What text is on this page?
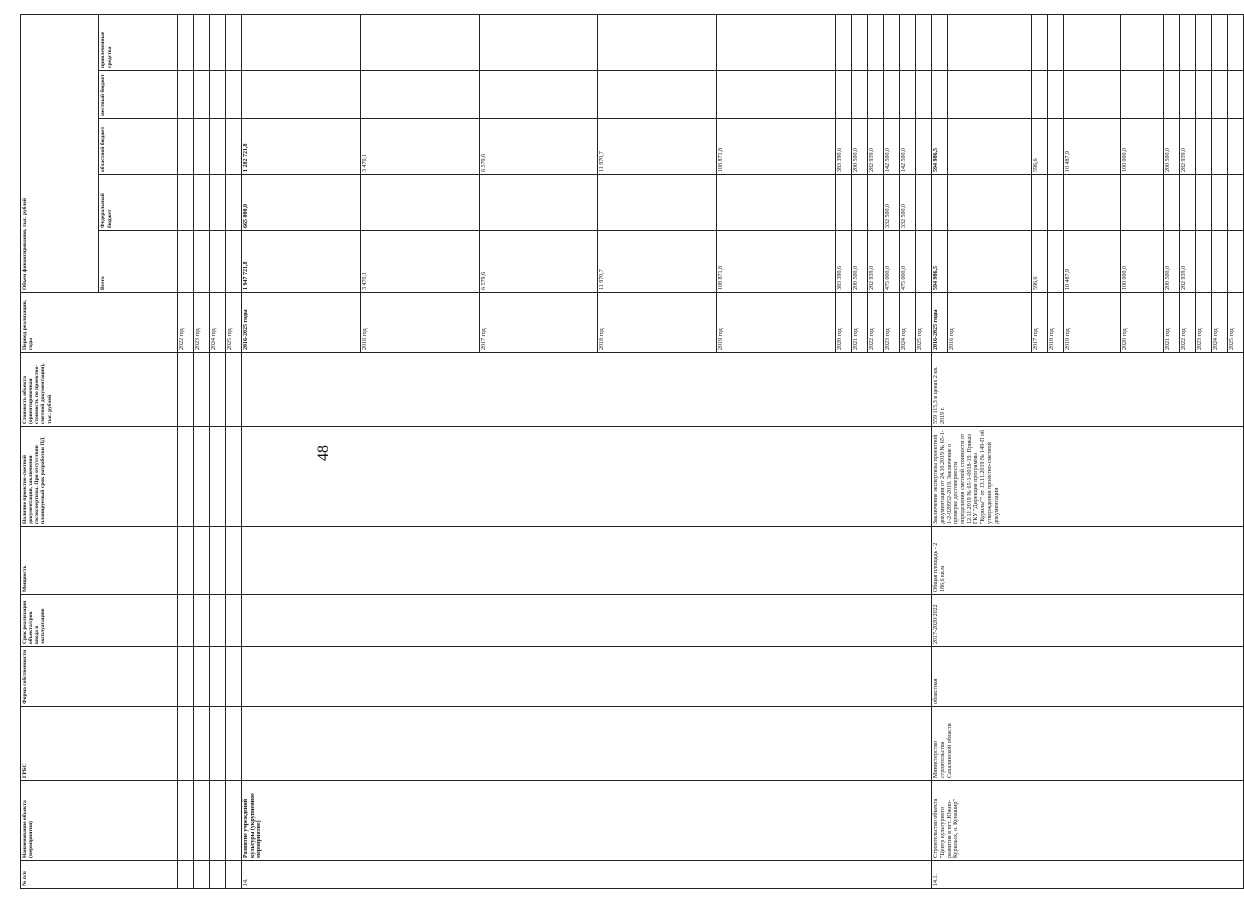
48
№ п/п	Наименование объекта (мероприятия)	ГРБС	Форма собственности	Срок реализации объекта/срок ввода в эксплуатацию	Мощность	Наличие проектно-сметной документации, заключения госэкспертизы. При отсутствии планируемый срок разработки ПД	Стоимость объекта (ориентировочная стоимость по проектно-сметной документации), тыс. рублей	Период реализации, годы	Объем финансирования, тыс. рублей	
									Всего	Федеральный бюджет	областной бюджет	местный бюджет	привлеченные средства	
								2022 год						
								2023 год						
								2024 год						
								2025 год						
14.	Развитие учреждений культуры (укрупненное мероприятие)							2016-2025 годы	1 947 721,8	665 000,0	1 282 721,8			
								2016 год	3 470,1		3 470,1			
								2017 год	6 579,6		6 579,6			
								2018 год	11 970,7		11 970,7			
								2019 год	108 871,8		108 871,8			
								2020 год	383 390,6		383 390,6			
								2021 год	200 500,0		200 500,0			
								2022 год	282 939,0		282 939,0			
								2023 год	475 000,0	332 500,0	142 500,0			
								2024 год	475 000,0	332 500,0	142 500,0			
								2025 год						
14.1.	Строительство объекта "Центр культурного развития в пгт. Южно-Курильск, о. Кунашир"	Министерство строительства Сахалинской области	областная	2017-2020/2022	Общая площадь - 2 186,6 кв.м	Заключение экспертизы проектной документации от 24.10.2019 № 65-1-1-2-028952-2019. Заключение о проверке достоверности определения сметной стоимости от 12.11.2019 № 65-1-0018-19. Приказ ГКУ "Дирекция программы "Курилы"" от 13.11.2019 № 149-П об утверждении проектно-сметной документации	559 115,3 в ценах 2 кв. 2019 г.	2016-2025 годы	594 986,5		594 986,5			
								2016 год						
								2017 год	596,6		596,6			
								2018 год						
								2019 год	10 487,9		10 487,9			
								2020 год	100 000,0		100 000,0			
								2021 год	200 500,0		200 500,0			
								2022 год	282 939,0		282 939,0			
								2023 год						
								2024 год						
								2025 год						
